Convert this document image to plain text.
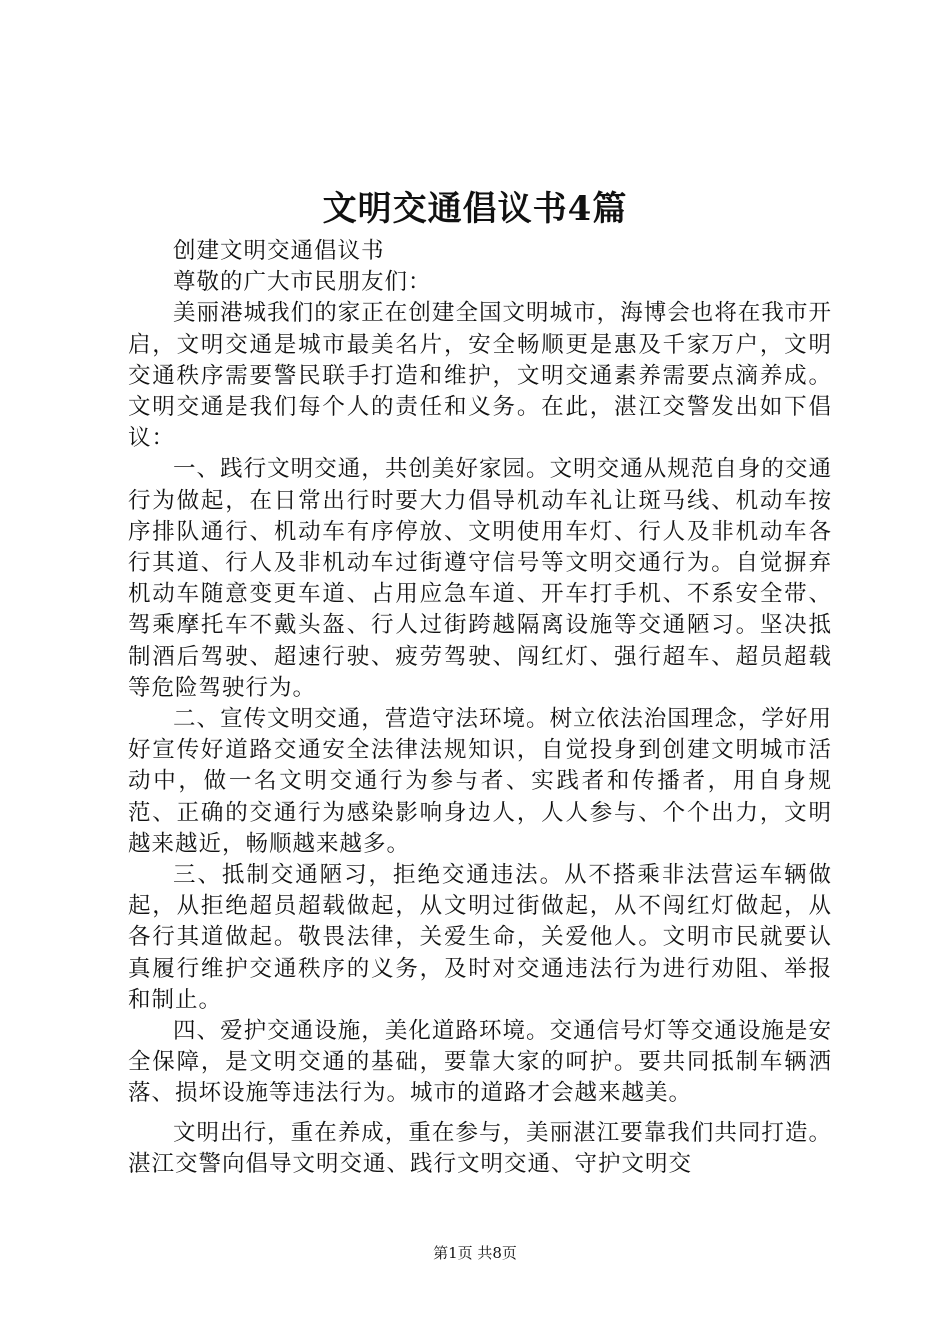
文明交通倡议书4篇

创建文明交通倡议书

尊敬的广大市民朋友们：

美丽港城我们的家正在创建全国文明城市，海博会也将在我市开启，文明交通是城市最美名片，安全畅顺更是惠及千家万户，文明交通秩序需要警民联手打造和维护，文明交通素养需要点滴养成。文明交通是我们每个人的责任和义务。在此，湛江交警发出如下倡议：

一、践行文明交通，共创美好家园。文明交通从规范自身的交通行为做起，在日常出行时要大力倡导机动车礼让斑马线、机动车按序排队通行、机动车有序停放、文明使用车灯、行人及非机动车各行其道、行人及非机动车过街遵守信号等文明交通行为。自觉摒弃机动车随意变更车道、占用应急车道、开车打手机、不系安全带、驾乘摩托车不戴头盔、行人过街跨越隔离设施等交通陋习。坚决抵制酒后驾驶、超速行驶、疲劳驾驶、闯红灯、强行超车、超员超载等危险驾驶行为。

二、宣传文明交通，营造守法环境。树立依法治国理念，学好用好宣传好道路交通安全法律法规知识，自觉投身到创建文明城市活动中，做一名文明交通行为参与者、实践者和传播者，用自身规范、正确的交通行为感染影响身边人，人人参与、个个出力，文明越来越近，畅顺越来越多。

三、抵制交通陋习，拒绝交通违法。从不搭乘非法营运车辆做起，从拒绝超员超载做起，从文明过街做起，从不闯红灯做起，从各行其道做起。敬畏法律，关爱生命，关爱他人。文明市民就要认真履行维护交通秩序的义务，及时对交通违法行为进行劝阻、举报和制止。

四、爱护交通设施，美化道路环境。交通信号灯等交通设施是安全保障，是文明交通的基础，要靠大家的呵护。要共同抵制车辆洒落、损坏设施等违法行为。城市的道路才会越来越美。

文明出行，重在养成，重在参与，美丽湛江要靠我们共同打造。湛江交警向倡导文明交通、践行文明交通、守护文明交

第1页 共8页
